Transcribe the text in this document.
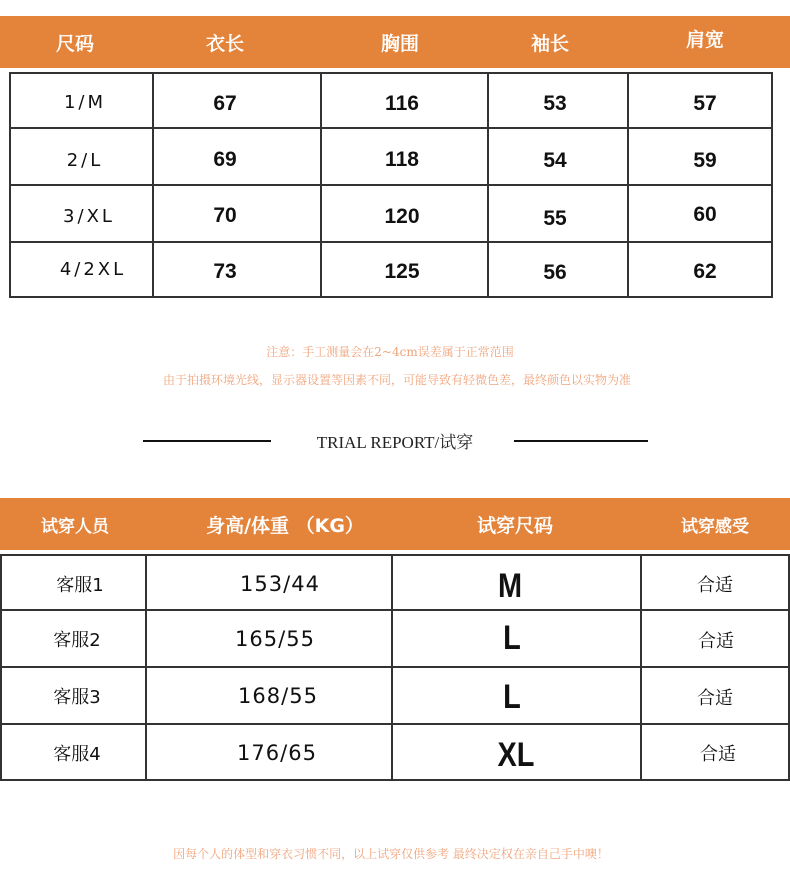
尺码	衣长	胸围	袖长	肩宽
1/M	67	116	53	57
2/L	69	118	54	59
3/XL	70	120	55	60
4/2XL	73	125	56	62
注意：手工测量会在2~4cm误差属于正常范围
由于拍摄环境光线，显示器设置等因素不同，可能导致有轻微色差，最终颜色以实物为准
TRIAL REPORT/试穿
试穿人员	身高/体重 （KG）	试穿尺码	试穿感受
客服1	153/44	M	合适
客服2	165/55	L	合适
客服3	168/55	L	合适
客服4	176/65	XL	合适
因每个人的体型和穿衣习惯不同，以上试穿仅供参考 最终决定权在亲自己手中噢！
